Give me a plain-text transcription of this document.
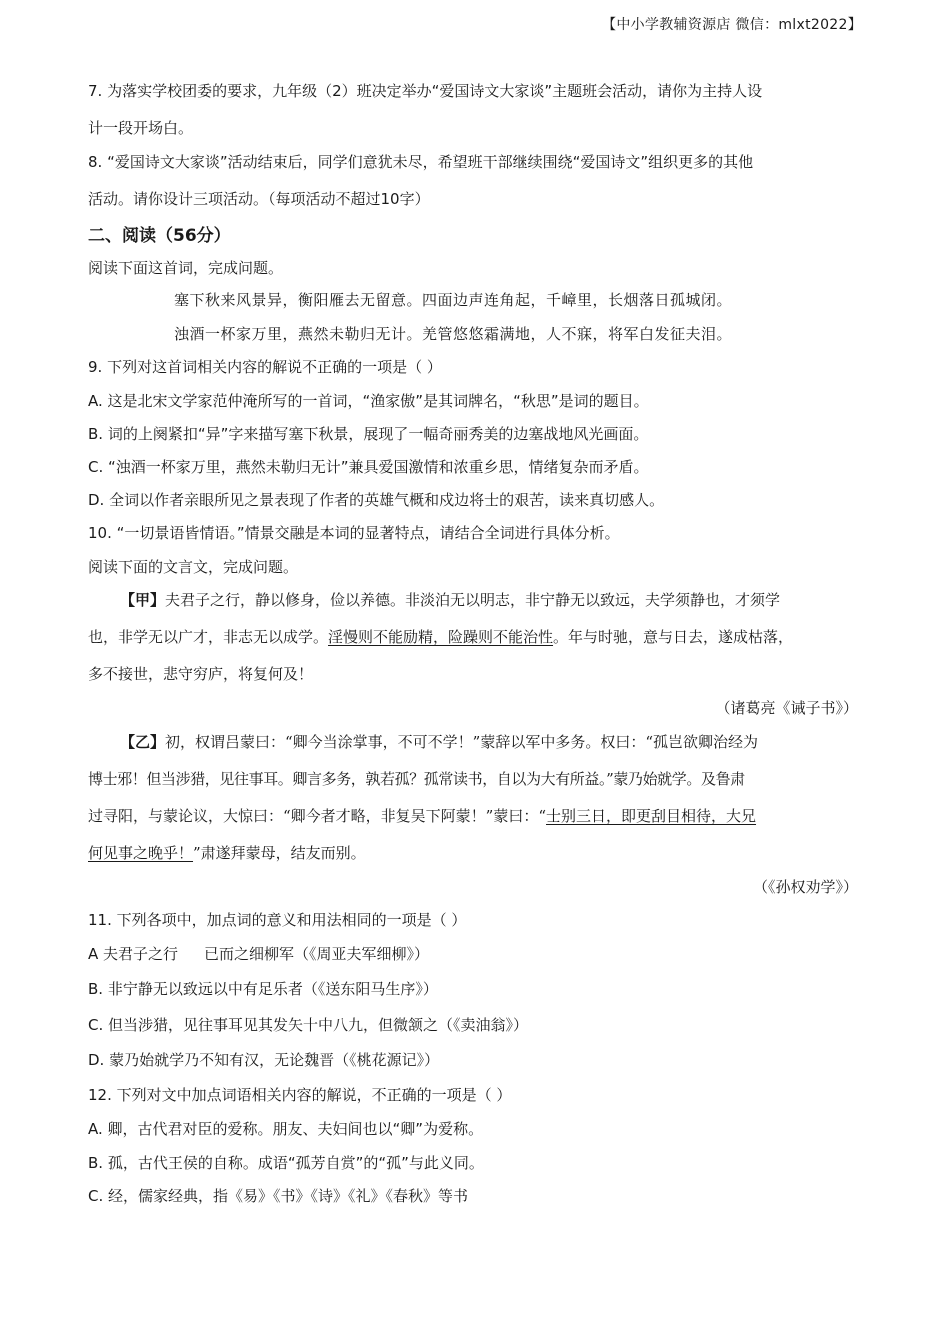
【中小学教辅资源店 微信：mlxt2022】
7. 为落实学校团委的要求，九年级（2）班决定举办“爱国诗文大家谈”主题班会活动，请你为主持人设
计一段开场白。
8. “爱国诗文大家谈”活动结束后，同学们意犹未尽，希望班干部继续围绕“爱国诗文”组织更多的其他
活动。请你设计三项活动。（每项活动不超过10字）
二、阅读（56分）
阅读下面这首词，完成问题。
塞下秋来风景异，衡阳雁去无留意。四面边声连角起，千嶂里，长烟落日孤城闭。
浊酒一杯家万里，燕然未勒归无计。羌管悠悠霜满地，人不寐，将军白发征夫泪。
9. 下列对这首词相关内容的解说不正确的一项是（ ）
A. 这是北宋文学家范仲淹所写的一首词，“渔家傲”是其词牌名，“秋思”是词的题目。
B. 词的上阕紧扣“异”字来描写塞下秋景，展现了一幅奇丽秀美的边塞战地风光画面。
C. “浊酒一杯家万里，燕然未勒归无计”兼具爱国激情和浓重乡思，情绪复杂而矛盾。
D. 全词以作者亲眼所见之景表现了作者的英雄气概和戍边将士的艰苦，读来真切感人。
10. “一切景语皆情语。”情景交融是本词的显著特点，请结合全词进行具体分析。
阅读下面的文言文，完成问题。
【甲】夫君子之行，静以修身，俭以养德。非淡泊无以明志，非宁静无以致远，夫学须静也，才须学
也，非学无以广才，非志无以成学。淫慢则不能励精，险躁则不能治性。年与时驰，意与日去，遂成枯落，
多不接世，悲守穷庐，将复何及！
（诸葛亮《诫子书》）
【乙】初，权谓吕蒙曰：“卿今当涂掌事，不可不学！”蒙辞以军中多务。权曰：“孤岂欲卿治经为
博士邪！但当涉猎，见往事耳。卿言多务，孰若孤？孤常读书，自以为大有所益。”蒙乃始就学。及鲁肃
过寻阳，与蒙论议，大惊曰：“卿今者才略，非复吴下阿蒙！”蒙曰：“士别三日，即更刮目相待，大兄
何见事之晚乎！”肃遂拜蒙母，结友而别。
（《孙权劝学》）
11. 下列各项中，加点词的意义和用法相同的一项是（ ）
A 夫君子之行 已而之细柳军（《周亚夫军细柳》）
B. 非宁静无以致远以中有足乐者（《送东阳马生序》）
C. 但当涉猎，见往事耳见其发矢十中八九，但微颔之（《卖油翁》）
D. 蒙乃始就学乃不知有汉，无论魏晋（《桃花源记》）
12. 下列对文中加点词语相关内容的解说，不正确的一项是（ ）
A. 卿，古代君对臣的爱称。朋友、夫妇间也以“卿”为爱称。
B. 孤，古代王侯的自称。成语“孤芳自赏”的“孤”与此义同。
C. 经，儒家经典，指《易》《书》《诗》《礼》《春秋》等书
